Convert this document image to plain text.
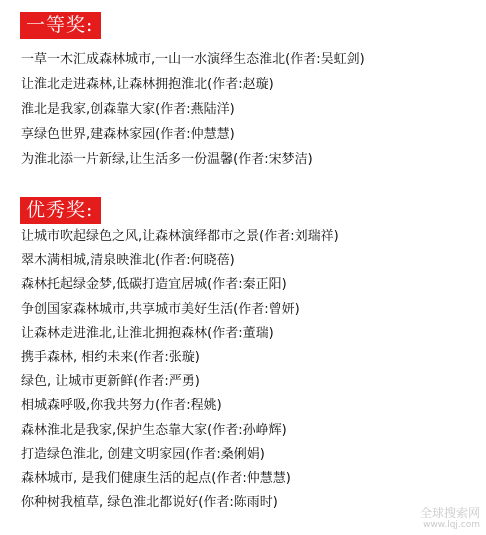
一等奖:
一草一木汇成森林城市,一山一水演绎生态淮北(作者:吴虹剑)
让淮北走进森林,让森林拥抱淮北(作者:赵璇)
淮北是我家,创森靠大家(作者:燕陆洋)
享绿色世界,建森林家园(作者:仲慧慧)
为淮北添一片新绿,让生活多一份温馨(作者:宋梦洁)
优秀奖:
让城市吹起绿色之风,让森林演绎都市之景(作者:刘瑞祥)
翠木满相城,清泉映淮北(作者:何晓蓓)
森林托起绿金梦,低碳打造宜居城(作者:秦正阳)
争创国家森林城市,共享城市美好生活(作者:曾妍)
让森林走进淮北,让淮北拥抱森林(作者:董瑞)
携手森林, 相约未来(作者:张璇)
绿色, 让城市更新鲜(作者:严勇)
相城森呼吸,你我共努力(作者:程姚)
森林淮北是我家,保护生态靠大家(作者:孙峥辉)
打造绿色淮北, 创建文明家园(作者:桑俐娟)
森林城市, 是我们健康生活的起点(作者:仲慧慧)
你种树我植草, 绿色淮北都说好(作者:陈雨时)
全球搜索网
www.lqj.com
